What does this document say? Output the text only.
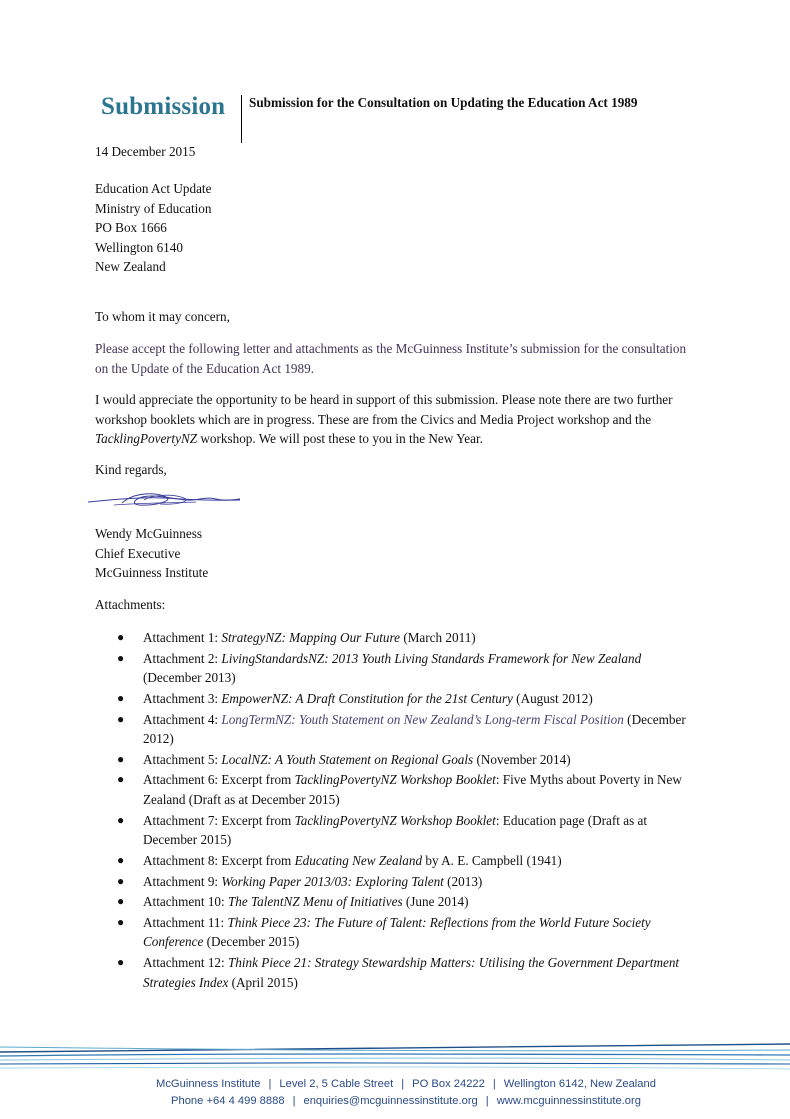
Submission Submission for the Consultation on Updating the Education Act 1989

14 December 2015

Education Act Update

Ministry of Education

PO Box 1666

Wellington 6140

New Zealand

To whom it may concern,

Please accept the following letter and attachments as the McGuinness Institute’s submission for the consultation on the Update of the Education Act 1989.

I would appreciate the opportunity to be heard in support of this submission. Please note there are two further workshop booklets which are in progress. These are from the Civics and Media Project workshop and the TacklingPovertyNZ workshop. We will post these to you in the New Year.

Kind regards,

Wendy McGuinness

Chief Executive

McGuinness Institute

Attachments:

● Attachment 1: StrategyNZ: Mapping Our Future (March 2011)
● Attachment 2: LivingStandardsNZ: 2013 Youth Living Standards Framework for New Zealand (December 2013)
● Attachment 3: EmpowerNZ: A Draft Constitution for the 21st Century (August 2012)
● Attachment 4: LongTermNZ: Youth Statement on New Zealand’s Long-term Fiscal Position (December 2012)
● Attachment 5: LocalNZ: A Youth Statement on Regional Goals (November 2014)
● Attachment 6: Excerpt from TacklingPovertyNZ Workshop Booklet: Five Myths about Poverty in New Zealand (Draft as at December 2015)
● Attachment 7: Excerpt from TacklingPovertyNZ Workshop Booklet: Education page (Draft as at December 2015)
● Attachment 8: Excerpt from Educating New Zealand by A. E. Campbell (1941)
● Attachment 9: Working Paper 2013/03: Exploring Talent (2013)
● Attachment 10: The TalentNZ Menu of Initiatives (June 2014)
● Attachment 11: Think Piece 23: The Future of Talent: Reflections from the World Future Society Conference (December 2015)
● Attachment 12: Think Piece 21: Strategy Stewardship Matters: Utilising the Government Department Strategies Index (April 2015)
McGuinness Institute | Level 2, 5 Cable Street | PO Box 24222 | Wellington 6142, New Zealand
Phone +64 4 499 8888 | enquiries@mcguinnessinstitute.org | www.mcguinnessinstitute.org
